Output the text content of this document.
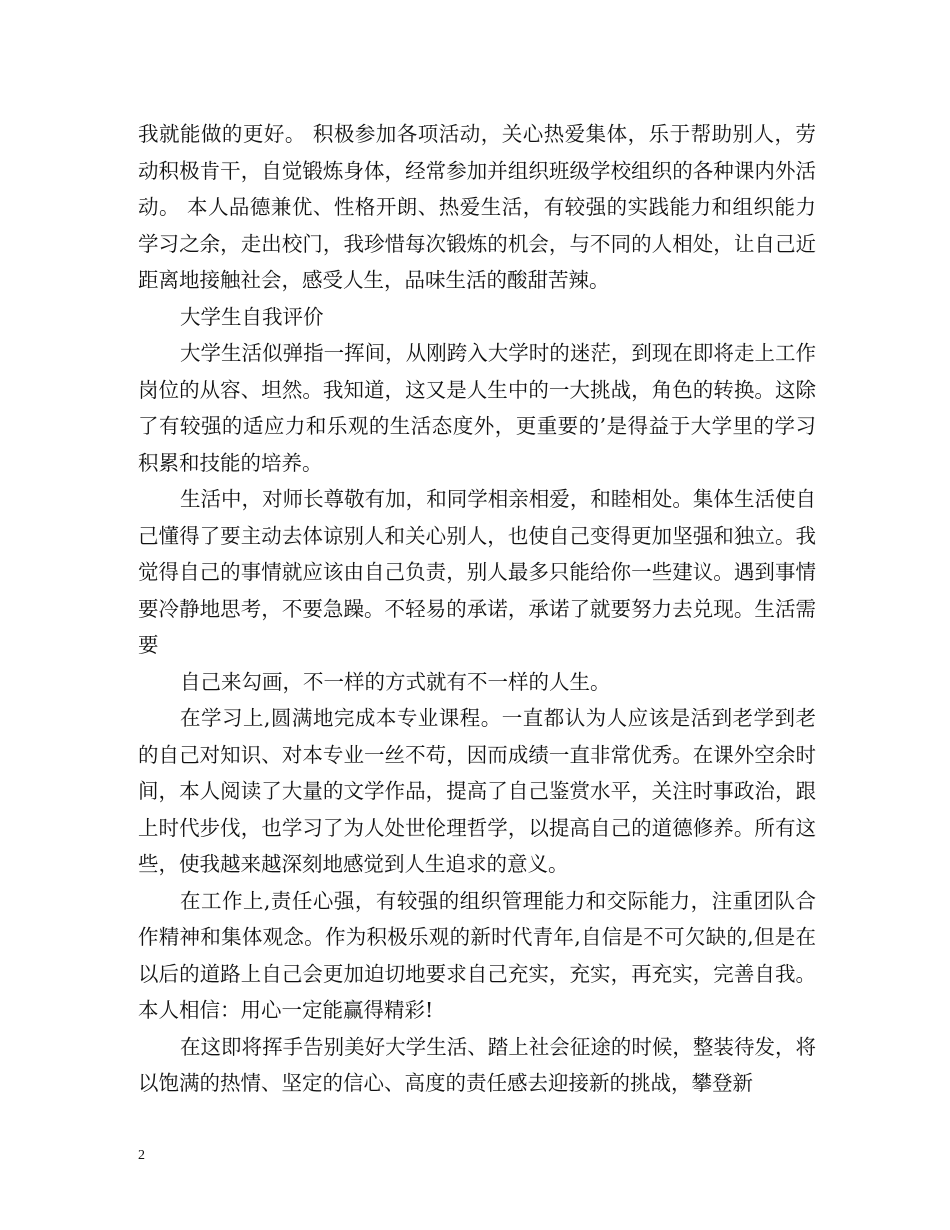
我就能做的更好。 积极参加各项活动，关心热爱集体，乐于帮助别人，劳动积极肯干，自觉锻炼身体，经常参加并组织班级学校组织的各种课内外活动。 本人品德兼优、性格开朗、热爱生活，有较强的实践能力和组织能力 学习之余，走出校门，我珍惜每次锻炼的机会，与不同的人相处，让自己近距离地接触社会，感受人生，品味生活的酸甜苦辣。

大学生自我评价

大学生活似弹指一挥间，从刚跨入大学时的迷茫，到现在即将走上工作岗位的从容、坦然。我知道，这又是人生中的一大挑战，角色的转换。这除了有较强的适应力和乐观的生活态度外，更重要的’是得益于大学里的学习积累和技能的培养。

生活中，对师长尊敬有加，和同学相亲相爱，和睦相处。集体生活使自己懂得了要主动去体谅别人和关心别人，也使自己变得更加坚强和独立。我觉得自己的事情就应该由自己负责，别人最多只能给你一些建议。遇到事情要冷静地思考，不要急躁。不轻易的承诺，承诺了就要努力去兑现。生活需要

自己来勾画，不一样的方式就有不一样的人生。

在学习上,圆满地完成本专业课程。一直都认为人应该是活到老学到老的自己对知识、对本专业一丝不苟，因而成绩一直非常优秀。在课外空余时间，本人阅读了大量的文学作品，提高了自己鉴赏水平，关注时事政治，跟上时代步伐，也学习了为人处世伦理哲学，以提高自己的道德修养。所有这些，使我越来越深刻地感觉到人生追求的意义。

在工作上,责任心强，有较强的组织管理能力和交际能力，注重团队合作精神和集体观念。作为积极乐观的新时代青年,自信是不可欠缺的,但是在以后的道路上自己会更加迫切地要求自己充实，充实，再充实，完善自我。本人相信：用心一定能赢得精彩!

在这即将挥手告别美好大学生活、踏上社会征途的时候，整装待发，将以饱满的热情、坚定的信心、高度的责任感去迎接新的挑战，攀登新

2
